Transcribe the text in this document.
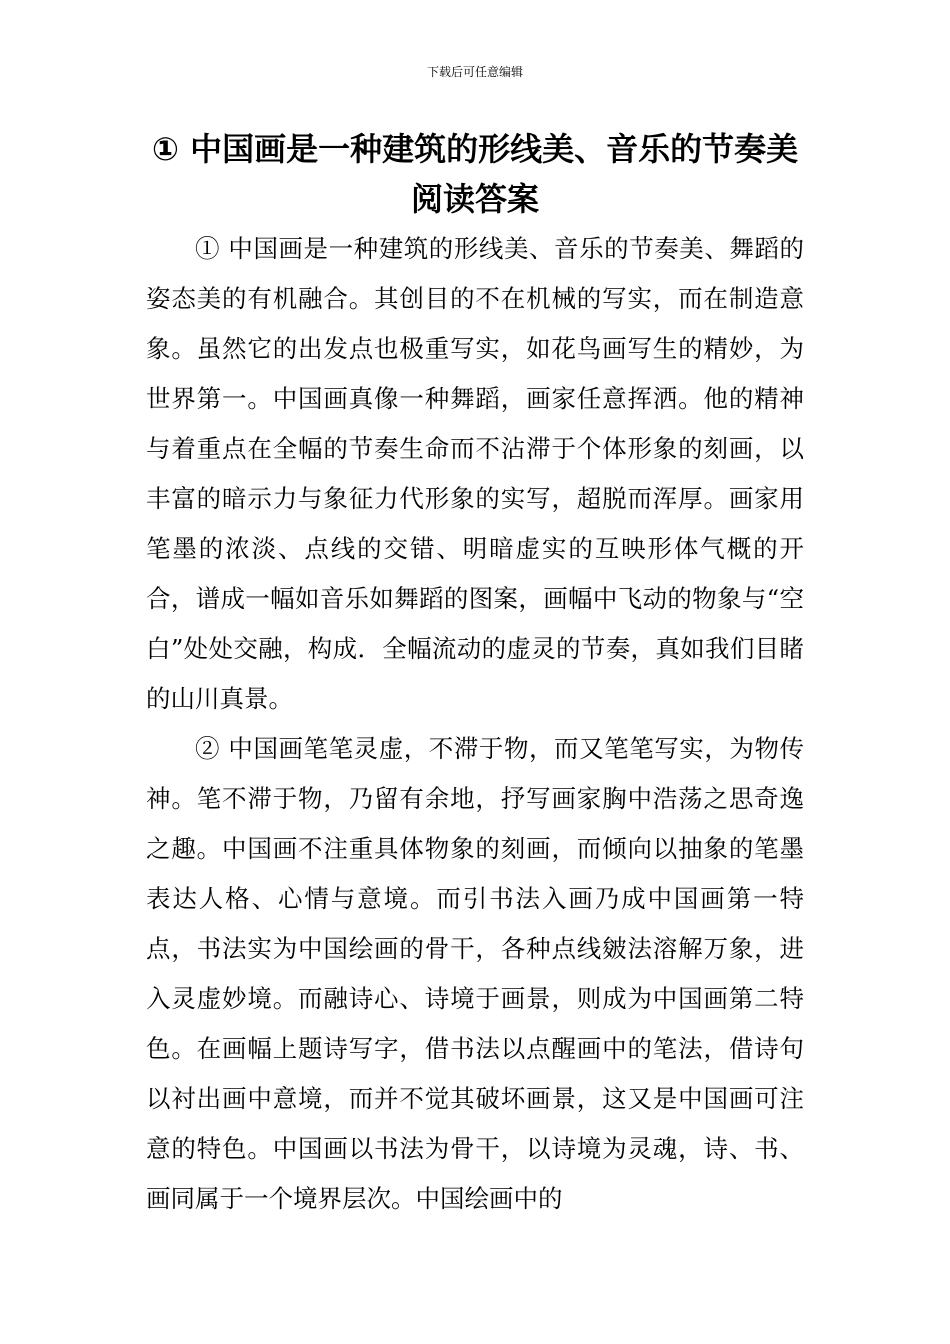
下载后可任意编辑
① 中国画是一种建筑的形线美、音乐的节奏美阅读答案

① 中国画是一种建筑的形线美、音乐的节奏美、舞蹈的姿态美的有机融合。其创目的不在机械的写实，而在制造意象。虽然它的出发点也极重写实，如花鸟画写生的精妙，为世界第一。中国画真像一种舞蹈，画家任意挥洒。他的精神与着重点在全幅的节奏生命而不沾滞于个体形象的刻画，以丰富的暗示力与象征力代形象的实写，超脱而浑厚。画家用笔墨的浓淡、点线的交错、明暗虚实的互映形体气概的开合，谱成一幅如音乐如舞蹈的图案，画幅中飞动的物象与“空白”处处交融，构成．全幅流动的虚灵的节奏，真如我们目睹的山川真景。

② 中国画笔笔灵虚，不滞于物，而又笔笔写实，为物传神。笔不滞于物，乃留有余地，抒写画家胸中浩荡之思奇逸之趣。中国画不注重具体物象的刻画，而倾向以抽象的笔墨表达人格、心情与意境。而引书法入画乃成中国画第一特点，书法实为中国绘画的骨干，各种点线皴法溶解万象，进入灵虚妙境。而融诗心、诗境于画景，则成为中国画第二特色。在画幅上题诗写字，借书法以点醒画中的笔法，借诗句以衬出画中意境，而并不觉其破坏画景，这又是中国画可注意的特色。中国画以书法为骨干，以诗境为灵魂，诗、书、画同属于一个境界层次。中国绘画中的
